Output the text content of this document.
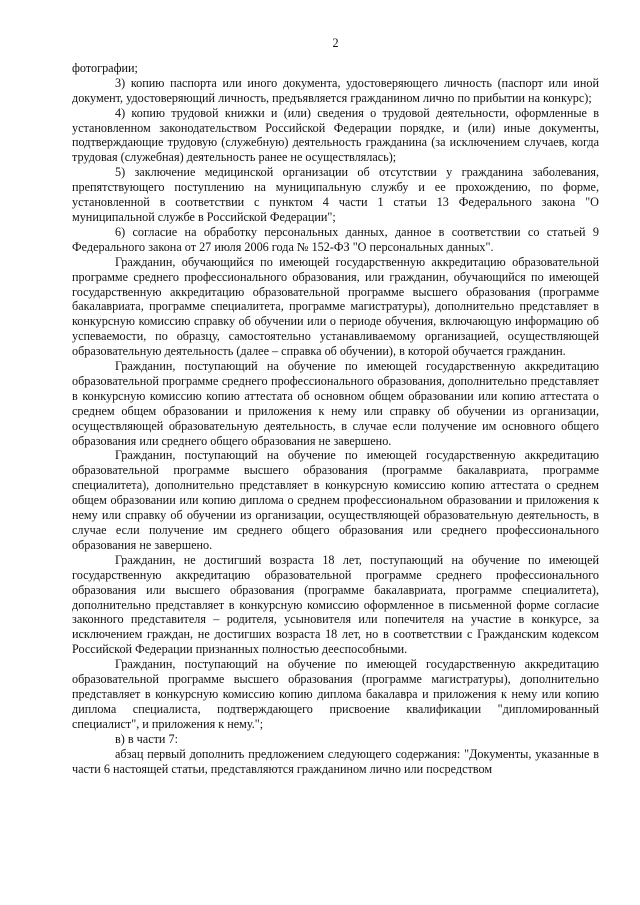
2

фотографии;

3) копию паспорта или иного документа, удостоверяющего личность (паспорт или иной документ, удостоверяющий личность, предъявляется гражданином лично по прибытии на конкурс);

4) копию трудовой книжки и (или) сведения о трудовой деятельности, оформленные в установленном законодательством Российской Федерации порядке, и (или) иные документы, подтверждающие трудовую (служебную) деятельность гражданина (за исключением случаев, когда трудовая (служебная) деятельность ранее не осуществлялась);

5) заключение медицинской организации об отсутствии у гражданина заболевания, препятствующего поступлению на муниципальную службу и ее прохождению, по форме, установленной в соответствии с пунктом 4 части 1 статьи 13 Федерального закона "О муниципальной службе в Российской Федерации";

6) согласие на обработку персональных данных, данное в соответствии со статьей 9 Федерального закона от 27 июля 2006 года № 152-ФЗ "О персональных данных".

Гражданин, обучающийся по имеющей государственную аккредитацию образовательной программе среднего профессионального образования, или гражданин, обучающийся по имеющей государственную аккредитацию образовательной программе высшего образования (программе бакалавриата, программе специалитета, программе магистратуры), дополнительно представляет в конкурсную комиссию справку об обучении или о периоде обучения, включающую информацию об успеваемости, по образцу, самостоятельно устанавливаемому организацией, осуществляющей образовательную деятельность (далее – справка об обучении), в которой обучается гражданин.

Гражданин, поступающий на обучение по имеющей государственную аккредитацию образовательной программе среднего профессионального образования, дополнительно представляет в конкурсную комиссию копию аттестата об основном общем образовании или копию аттестата о среднем общем образовании и приложения к нему или справку об обучении из организации, осуществляющей образовательную деятельность, в случае если получение им основного общего образования или среднего общего образования не завершено.

Гражданин, поступающий на обучение по имеющей государственную аккредитацию образовательной программе высшего образования (программе бакалавриата, программе специалитета), дополнительно представляет в конкурсную комиссию копию аттестата о среднем общем образовании или копию диплома о среднем профессиональном образовании и приложения к нему или справку об обучении из организации, осуществляющей образовательную деятельность, в случае если получение им среднего общего образования или среднего профессионального образования не завершено.

Гражданин, не достигший возраста 18 лет, поступающий на обучение по имеющей государственную аккредитацию образовательной программе среднего профессионального образования или высшего образования (программе бакалавриата, программе специалитета), дополнительно представляет в конкурсную комиссию оформленное в письменной форме согласие законного представителя – родителя, усыновителя или попечителя на участие в конкурсе, за исключением граждан, не достигших возраста 18 лет, но в соответствии с Гражданским кодексом Российской Федерации признанных полностью дееспособными.

Гражданин, поступающий на обучение по имеющей государственную аккредитацию образовательной программе высшего образования (программе магистратуры), дополнительно представляет в конкурсную комиссию копию диплома бакалавра и приложения к нему или копию диплома специалиста, подтверждающего присвоение квалификации "дипломированный специалист", и приложения к нему.";

в) в части 7:

абзац первый дополнить предложением следующего содержания: "Документы, указанные в части 6 настоящей статьи, представляются гражданином лично или посредством
